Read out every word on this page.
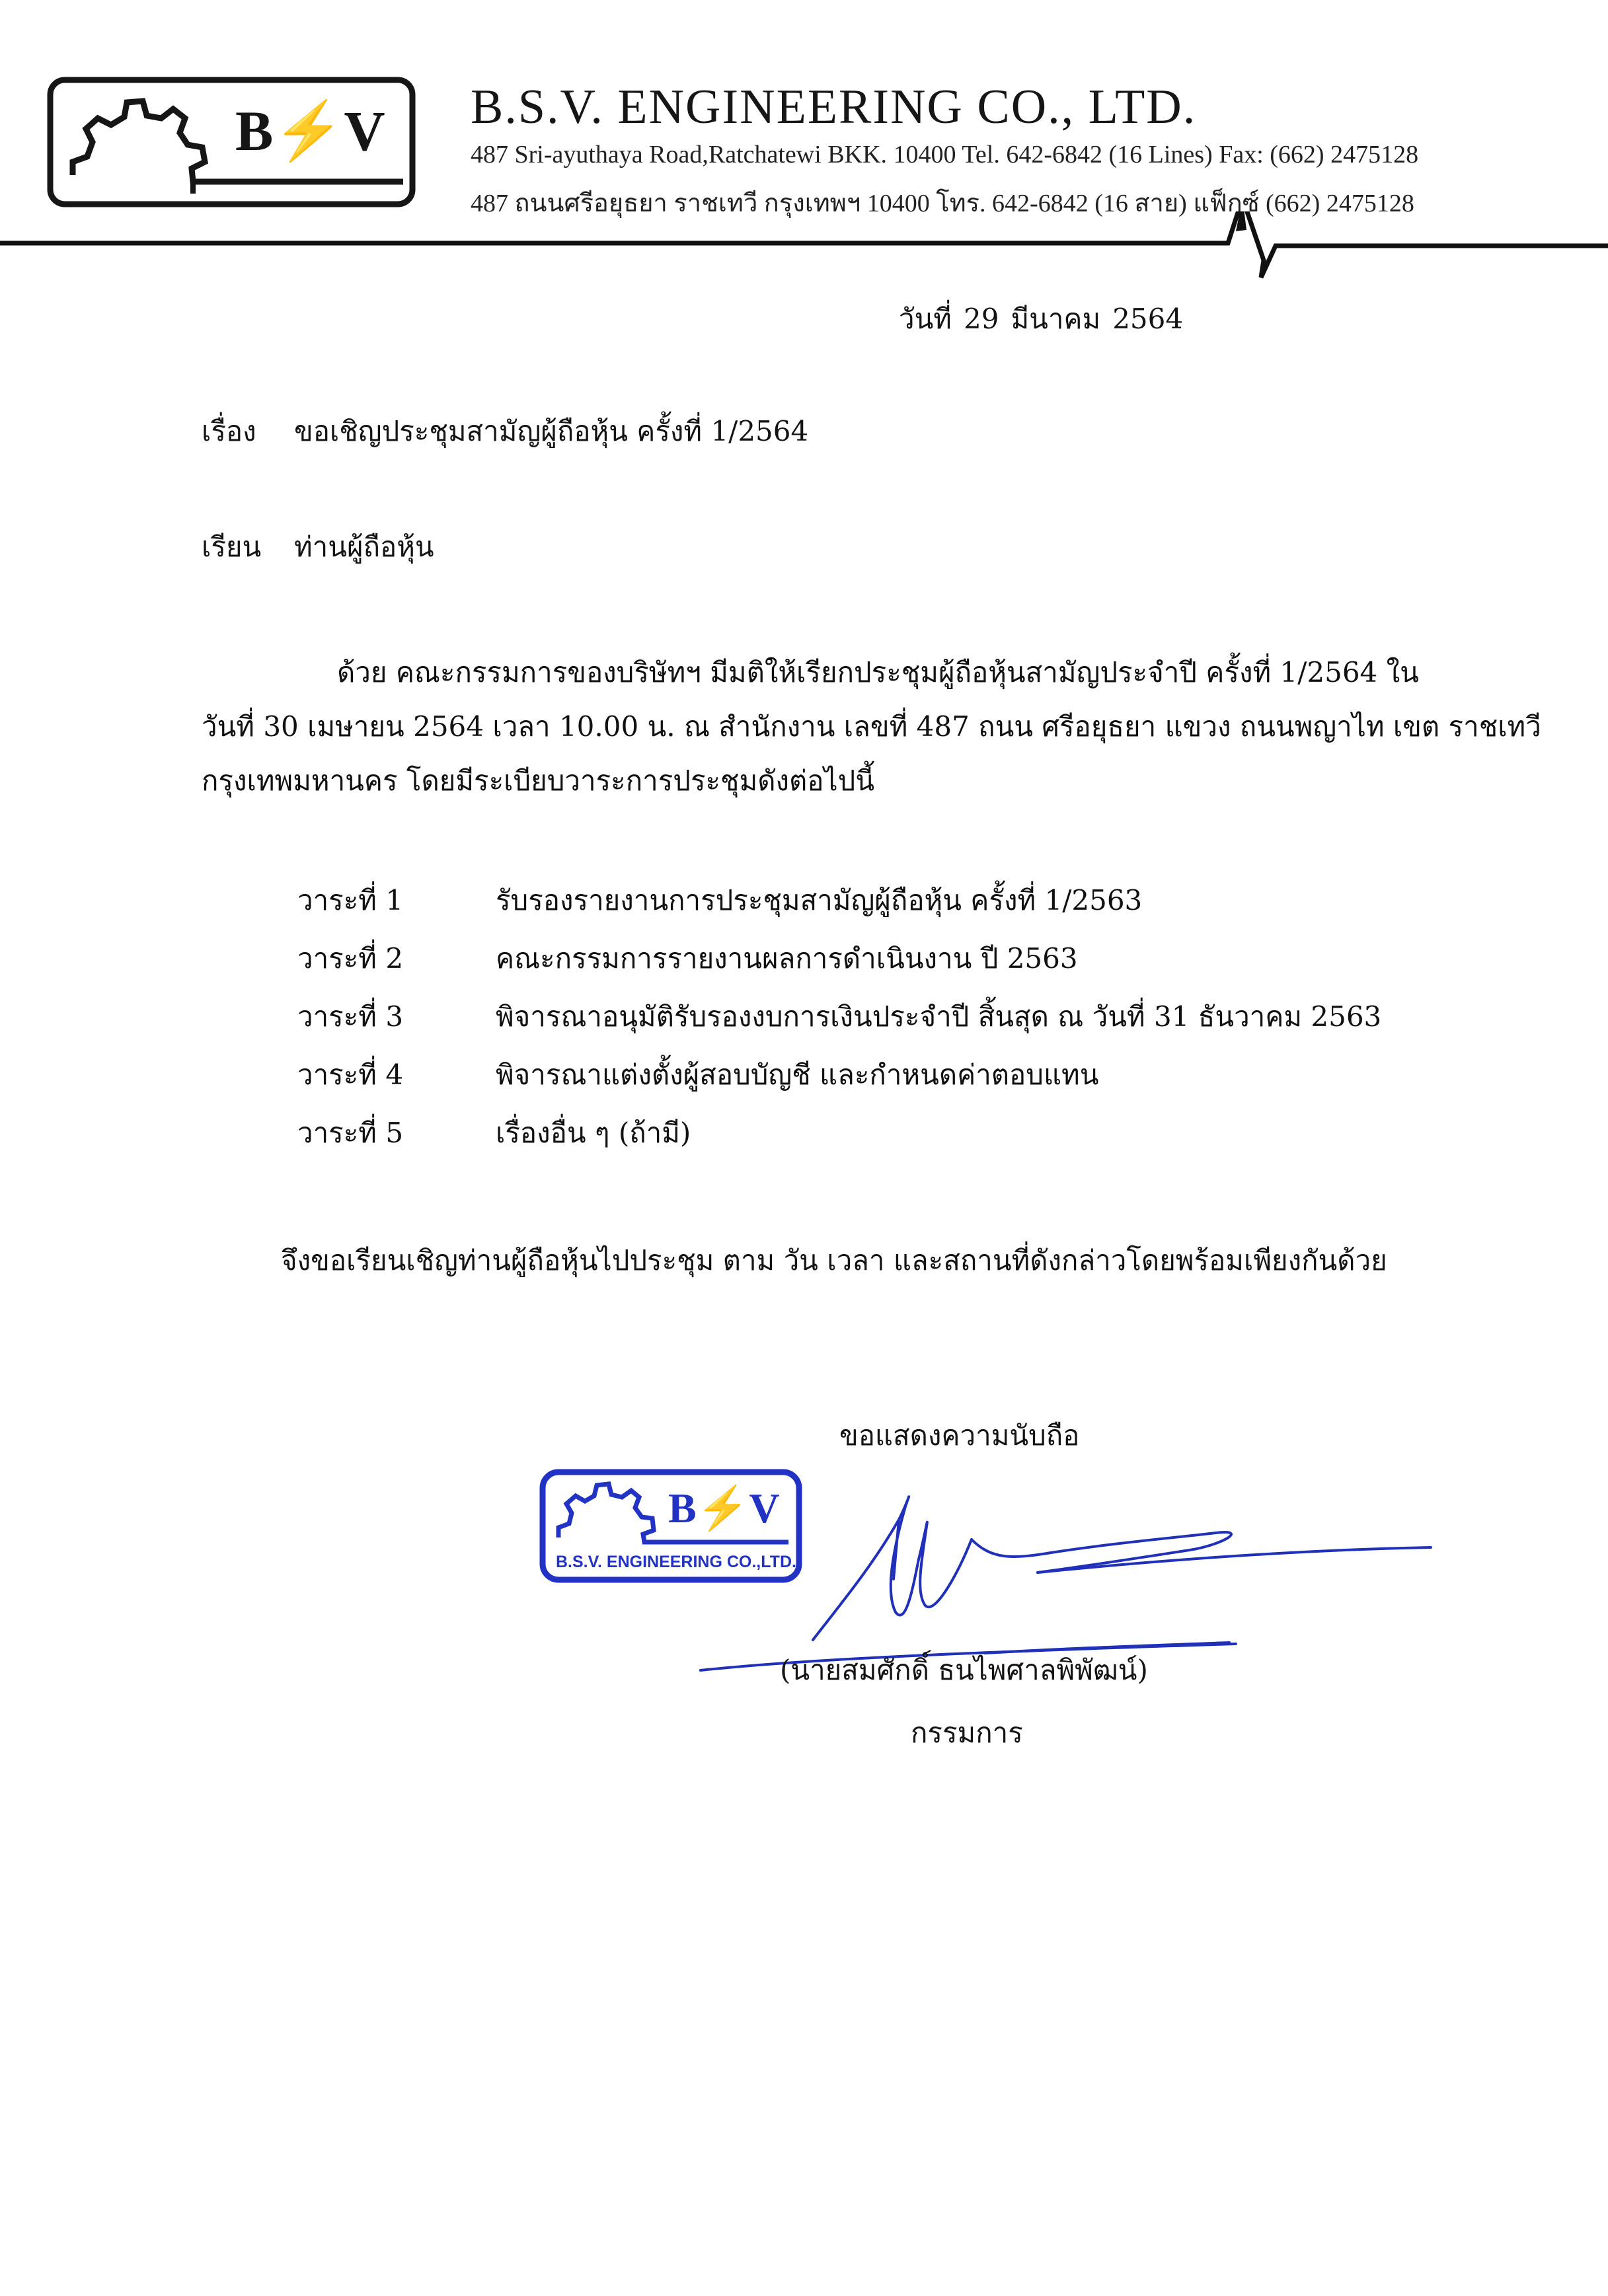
B⚡V B.S.V. ENGINEERING CO., LTD.
487 Sri-ayuthaya Road,Ratchatewi BKK. 10400 Tel. 642-6842 (16 Lines) Fax: (662) 2475128
487 ถนนศรีอยุธยา ราชเทวี กรุงเทพฯ 10400 โทร. 642-6842 (16 สาย) แฟ็กซ์ (662) 2475128
วันที่ 29 มีนาคม 2564
เรื่อง ขอเชิญประชุมสามัญผู้ถือหุ้น ครั้งที่ 1/2564
เรียน ท่านผู้ถือหุ้น
ด้วย คณะกรรมการของบริษัทฯ มีมติให้เรียกประชุมผู้ถือหุ้นสามัญประจำปี ครั้งที่ 1/2564 ใน
วันที่ 30 เมษายน 2564 เวลา 10.00 น. ณ สำนักงาน เลขที่ 487 ถนน ศรีอยุธยา แขวง ถนนพญาไท เขต ราชเทวี
กรุงเทพมหานคร โดยมีระเบียบวาระการประชุมดังต่อไปนี้
วาระที่ 1	รับรองรายงานการประชุมสามัญผู้ถือหุ้น ครั้งที่ 1/2563
วาระที่ 2	คณะกรรมการรายงานผลการดำเนินงาน ปี 2563
วาระที่ 3	พิจารณาอนุมัติรับรองงบการเงินประจำปี สิ้นสุด ณ วันที่ 31 ธันวาคม 2563
วาระที่ 4	พิจารณาแต่งตั้งผู้สอบบัญชี และกำหนดค่าตอบแทน
วาระที่ 5	เรื่องอื่น ๆ (ถ้ามี)
จึงขอเรียนเชิญท่านผู้ถือหุ้นไปประชุม ตาม วัน เวลา และสถานที่ดังกล่าวโดยพร้อมเพียงกันด้วย
ขอแสดงความนับถือ
B⚡V
B.S.V. ENGINEERING CO.,LTD.
(นายสมศักดิ์ ธนไพศาลพิพัฒน์)
กรรมการ
